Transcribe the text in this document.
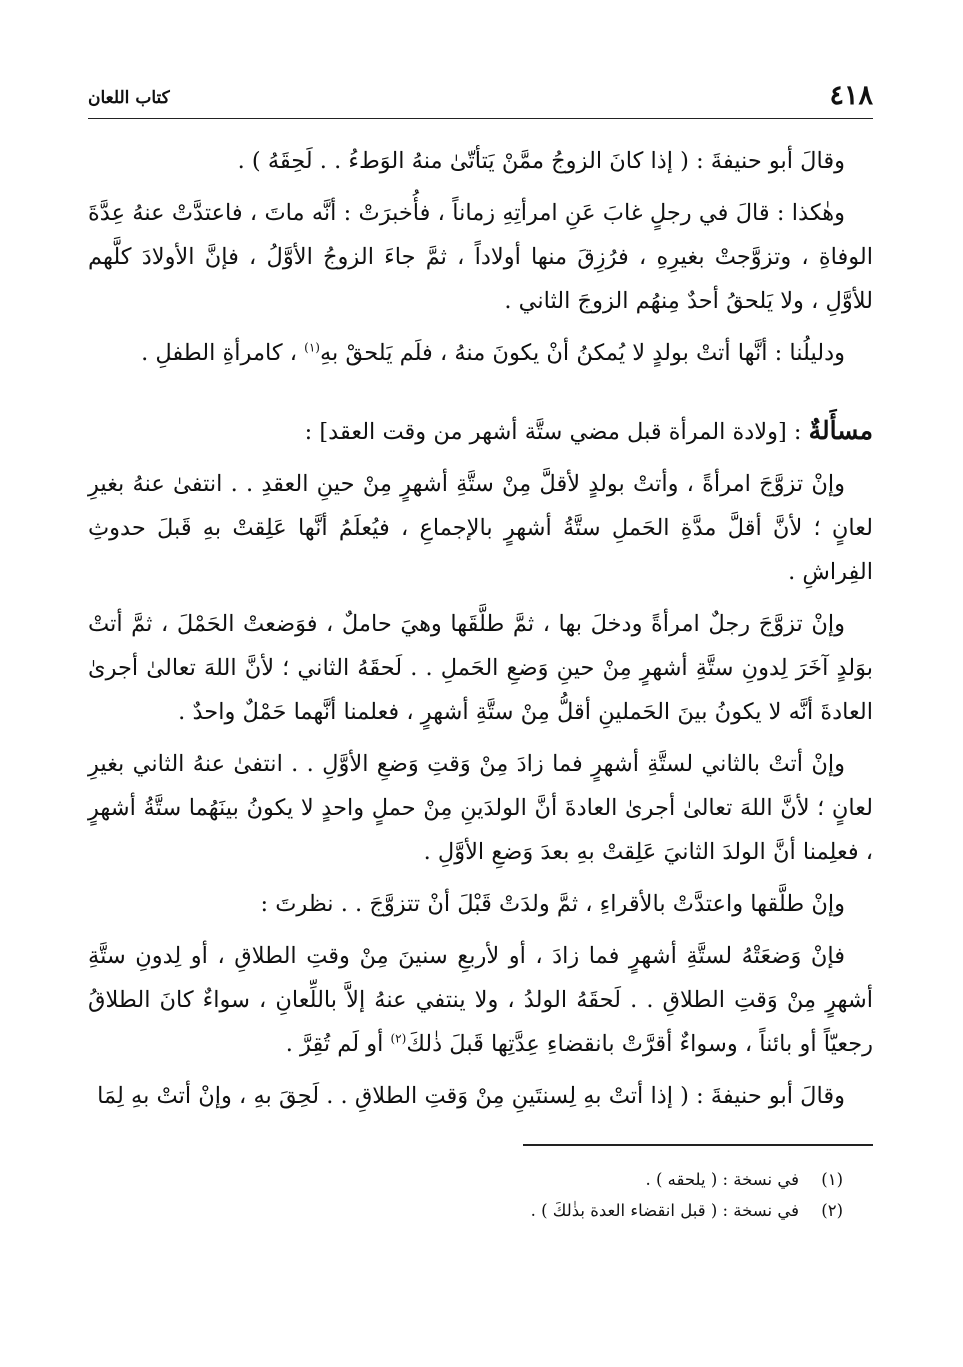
٤١٨
كتاب اللعان

وقالَ أبو حنيفةَ : ( إذا كانَ الزوجُ ممَّنْ يَتأتّىٰ منهُ الوَطءُ . . لَحِقَهُ ) .

وهٰكذا : قالَ في رجلٍ غابَ عَنِ امرأتِهِ زماناً ، فأُخبرَتْ : أنَّه ماتَ ، فاعتدَّتْ عنهُ عِدَّةَ الوفاةِ ، وتزوَّجتْ بغيرِهِ ، فرُزِقَ منها أولاداً ، ثمَّ جاءَ الزوجُ الأوَّلُ ، فإنَّ الأولادَ كلَّهم للأوَّلِ ، ولا يَلحقُ أحدٌ مِنهُم الزوجَ الثاني .

ودليلُنا : أنَّها أتتْ بولدٍ لا يُمكنُ أنْ يكونَ منهُ ، فلَم يَلحقْ بهِ$^{(١)}$ ، كامرأةِ الطفلِ .

مسأَلةٌ : [ولادة المرأة قبل مضي ستَّة أشهر من وقت العقد] :

وإنْ تزوَّجَ امرأةً ، وأتتْ بولدٍ لأقلَّ مِنْ ستَّةِ أشهرٍ مِنْ حينِ العقدِ . . انتفىٰ عنهُ بغيرِ لعانٍ ؛ لأنَّ أقلَّ مدَّةِ الحَملِ ستَّةُ أشهرٍ بالإجماعِ ، فيُعلَمُ أنَّها عَلِقتْ بهِ قَبلَ حدوثِ الفِراشِ .

وإنْ تزوَّجَ رجلٌ امرأةً ودخلَ بها ، ثمَّ طلَّقَها وهيَ حاملٌ ، فوَضعتْ الحَمْلَ ، ثمَّ أتتْ بوَلدٍ آخَرَ لِدونِ ستَّةِ أشهرٍ مِنْ حينِ وَضعِ الحَملِ . . لَحقَهُ الثاني ؛ لأنَّ اللهَ تعالىٰ أجرىٰ العادةَ أنَّه لا يكونُ بينَ الحَملينِ أقلُّ مِنْ ستَّةِ أشهرٍ ، فعلمنا أنَّهما حَمْلٌ واحدٌ .

وإنْ أتتْ بالثاني لستَّةِ أشهرٍ فما زادَ مِنْ وَقتِ وَضعِ الأوَّلِ . . انتفىٰ عنهُ الثاني بغيرِ لعانٍ ؛ لأنَّ اللهَ تعالىٰ أجرىٰ العادةَ أنَّ الولدَينِ مِنْ حملٍ واحدٍ لا يكونُ بينَهُما ستَّةُ أشهرٍ ، فعلِمنا أنَّ الولدَ الثانيَ عَلِقتْ بهِ بعدَ وَضعِ الأوَّلِ .

وإنْ طلَّقها واعتدَّتْ بالأقراءِ ، ثمَّ ولدَتْ قَبْلَ أنْ تتزوَّجَ . . نظرتَ :

فإنْ وَضعَتْهُ لستَّةِ أشهرٍ فما زادَ ، أو لأربعِ سنينَ مِنْ وقتِ الطلاقِ ، أو لِدونِ ستَّةِ أشهرٍ مِنْ وَقتِ الطلاقِ . . لَحقَهُ الولدُ ، ولا ينتفي عنهُ إلاَّ باللِّعانِ ، سواءٌ كانَ الطلاقُ رجعيّاً أو بائناً ، وسواءٌ أقرَّتْ بانقضاءِ عِدَّتِها قَبلَ ذٰلكَ$^{(٢)}$ أو لَم تُقِرَّ .

وقالَ أبو حنيفةَ : ( إذا أتتْ بهِ لِسنتَينِ مِنْ وَقتِ الطلاقِ . . لَحِقَ بهِ ، وإنْ أتتْ بهِ لِمَا

(١)
في نسخة : ( يلحقه ) .
(٢)
في نسخة : ( قبل انقضاء العدة بذٰلكَ ) .
